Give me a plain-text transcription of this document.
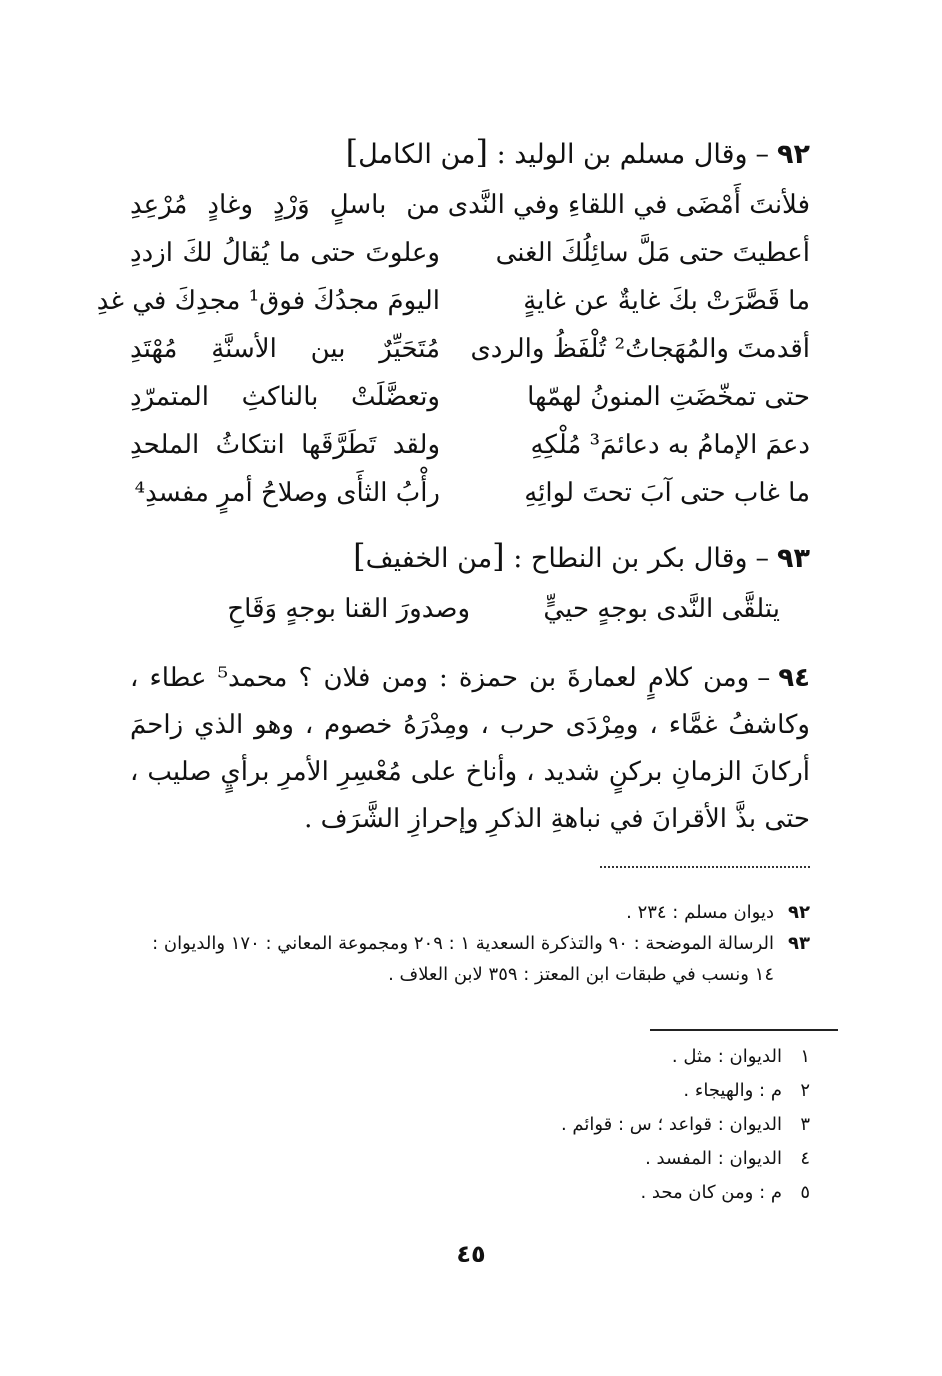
٩٢–وقال مسلم بن الوليد : [من الكامل]
فلأنتَ أَمْضَى في اللقاءِ وفي النَّدى
من
باسلٍ
وَرْدٍ
وغادٍ
مُرْعِدِ
أعطيتَ حتى مَلَّ سائِلُكَ الغنى
وعلوتَ
حتى
ما
يُقالُ
لكَ
ازددِ
ما قَصَّرَتْ بكَ غايةٌ عن غايةٍ
اليومَ مجدُكَ فوق¹ مجدِكَ في غدِ
أقدمتَ والمُهَجاتُ² تُلْفَظُ والردى
مُتَحَيِّرٌ
بين
الأسنَّةِ
مُهْتَدِ
حتى تمخّضَتِ المنونُ لهمّها
وتعضَّلَتْ
بالناكثِ
المتمرّدِ
دعمَ الإمامُ به دعائمَ³ مُلْكِهِ
ولقد
تَطَرَّقَها
انتكاثُ
الملحدِ
ما غاب حتى آبَ تحتَ لوائِهِ
رأْبُ الثأَى وصلاحُ أمرٍ مفسدِ⁴
٩٣–وقال بكر بن النطاح : [من الخفيف]
يتلقَّى النَّدى بوجهٍ حييٍّ
وصدورَ القنا بوجهٍ وَقَاحِ
٩٤–ومن كلامٍ لعمارةَ بن حمزة : ومن فلان ؟ محمد⁵ عطاء ، وكاشفُ غمَّاء ، ومِرْدَى حرب ، ومِدْرَهُ خصوم ، وهو الذي زاحمَ أركانَ الزمانِ بركنٍ شديد ، وأناخ على مُعْسِرِ الأمرِ برأيٍ صليب ، حتى بذَّ الأقرانَ في نباهةِ الذكرِ وإحرازِ الشَّرَف .
٩٢
ديوان مسلم : ٢٣٤ .
٩٣
الرسالة الموضحة : ٩٠ والتذكرة السعدية ١ : ٢٠٩ ومجموعة المعاني : ١٧٠ والديوان : ١٤ ونسب في طبقات ابن المعتز : ٣٥٩ لابن العلاف .
١
الديوان : مثل .
٢
م : والهيجاء .
٣
الديوان : قواعد ؛ س : قوائم .
٤
الديوان : المفسد .
٥
م : ومن كان محد .
٤٥
